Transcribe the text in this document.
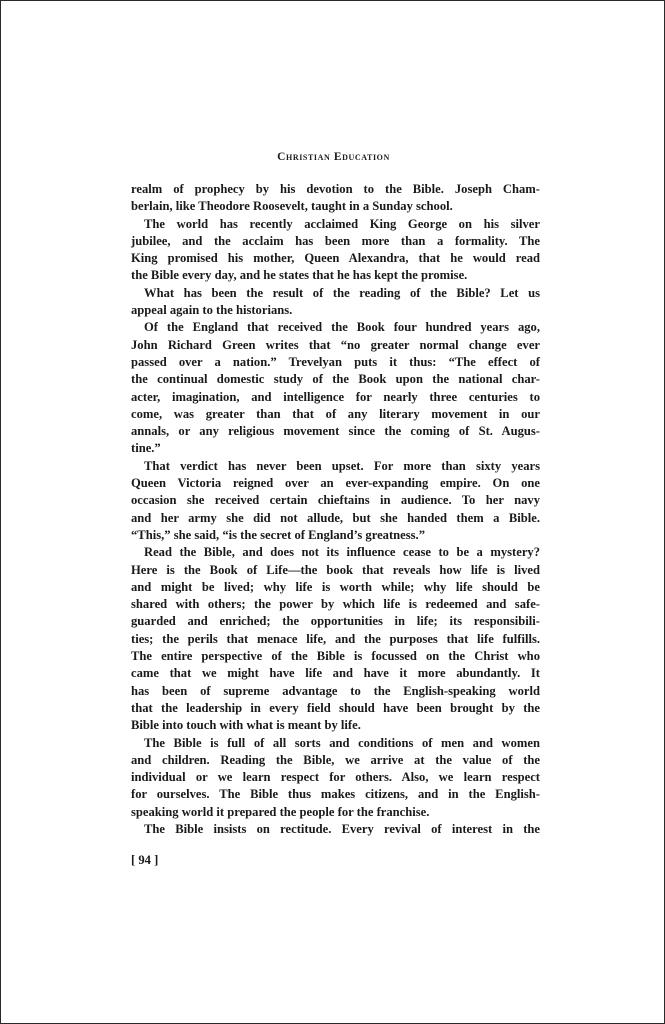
Christian Education
realm of prophecy by his devotion to the Bible. Joseph Cham-
berlain, like Theodore Roosevelt, taught in a Sunday school.
The world has recently acclaimed King George on his silver
jubilee, and the acclaim has been more than a formality. The
King promised his mother, Queen Alexandra, that he would read
the Bible every day, and he states that he has kept the promise.
What has been the result of the reading of the Bible? Let us
appeal again to the historians.
Of the England that received the Book four hundred years ago,
John Richard Green writes that “no greater normal change ever
passed over a nation.” Trevelyan puts it thus: “The effect of
the continual domestic study of the Book upon the national char-
acter, imagination, and intelligence for nearly three centuries to
come, was greater than that of any literary movement in our
annals, or any religious movement since the coming of St. Augus-
tine.”
That verdict has never been upset. For more than sixty years
Queen Victoria reigned over an ever-expanding empire. On one
occasion she received certain chieftains in audience. To her navy
and her army she did not allude, but she handed them a Bible.
“This,” she said, “is the secret of England’s greatness.”
Read the Bible, and does not its influence cease to be a mystery?
Here is the Book of Life—the book that reveals how life is lived
and might be lived; why life is worth while; why life should be
shared with others; the power by which life is redeemed and safe-
guarded and enriched; the opportunities in life; its responsibili-
ties; the perils that menace life, and the purposes that life fulfills.
The entire perspective of the Bible is focussed on the Christ who
came that we might have life and have it more abundantly. It
has been of supreme advantage to the English-speaking world
that the leadership in every field should have been brought by the
Bible into touch with what is meant by life.
The Bible is full of all sorts and conditions of men and women
and children. Reading the Bible, we arrive at the value of the
individual or we learn respect for others. Also, we learn respect
for ourselves. The Bible thus makes citizens, and in the English-
speaking world it prepared the people for the franchise.
The Bible insists on rectitude. Every revival of interest in the
[ 94 ]
